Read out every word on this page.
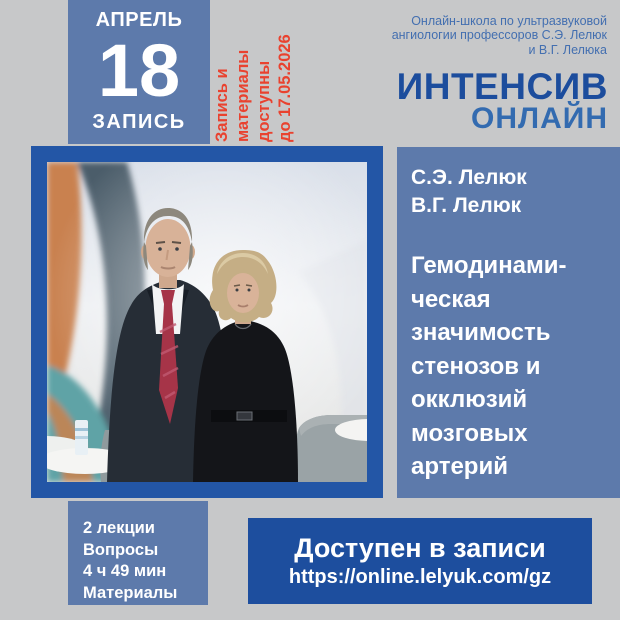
АПРЕЛЬ
18
ЗАПИСЬ Запись и материалы доступны до 17.05.2026
Онлайн-школа по ультразвуковой
ангиологии профессоров С.Э. Лелюк
и В.Г. Лелюка
ИНТЕНСИВ
ОНЛАЙН
С.Э. Лелюк
В.Г. Лелюк
Гемодинами-
ческая
значимость
стенозов и
окклюзий
мозговых
артерий
2 лекции
Вопросы
4 ч 49 мин
Материалы
Доступен в записи
https://online.lelyuk.com/gz
